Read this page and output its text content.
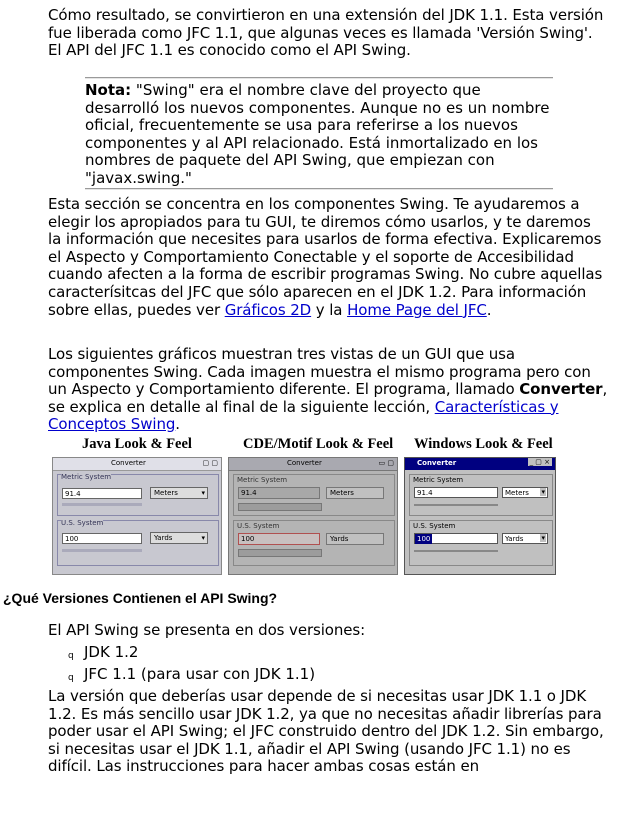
Cómo resultado, se convirtieron en una extensión del JDK 1.1. Esta versión fue liberada como JFC 1.1, que algunas veces es llamada 'Versión Swing'. El API del JFC 1.1 es conocido como el API Swing.
Nota: "Swing" era el nombre clave del proyecto que desarrolló los nuevos componentes. Aunque no es un nombre oficial, frecuentemente se usa para referirse a los nuevos componentes y al API relacionado. Está inmortalizado en los nombres de paquete del API Swing, que empiezan con "javax.swing."
Esta sección se concentra en los componentes Swing. Te ayudaremos a elegir los apropiados para tu GUI, te diremos cómo usarlos, y te daremos la información que necesites para usarlos de forma efectiva. Explicaremos el Aspecto y Comportamiento Conectable y el soporte de Accesibilidad cuando afecten a la forma de escribir programas Swing. No cubre aquellas caracterísitcas del JFC que sólo aparecen en el JDK 1.2. Para información sobre ellas, puedes ver Gráficos 2D y la Home Page del JFC.
Los siguientes gráficos muestran tres vistas de un GUI que usa componentes Swing. Cada imagen muestra el mismo programa pero con un Aspecto y Comportamiento diferente. El programa, llamado Converter, se explica en detalle al final de la siguiente lección, Características y Conceptos Swing.
Java Look & Feel	CDE/Motif Look & Feel Windows Look & Feel
Converter	▢ ▢
Metric System
91.4	Meters	▾
U.S. System
100	Yards	▾
Converter	▭ ▢
Metric System
91.4	Meters
U.S. System
100	Yards
Converter	_ ▢ ×
Metric System
91.4	Meters ▾
U.S. System
100	Yards	▾
¿Qué Versiones Contienen el API Swing?
El API Swing se presenta en dos versiones:
q JDK 1.2
q JFC 1.1 (para usar con JDK 1.1)
La versión que deberías usar depende de si necesitas usar JDK 1.1 o JDK 1.2. Es más sencillo usar JDK 1.2, ya que no necesitas añadir librerías para poder usar el API Swing; el JFC construido dentro del JDK 1.2. Sin embargo, si necesitas usar el JDK 1.1, añadir el API Swing (usando JFC 1.1) no es difícil. Las instrucciones para hacer ambas cosas están en
